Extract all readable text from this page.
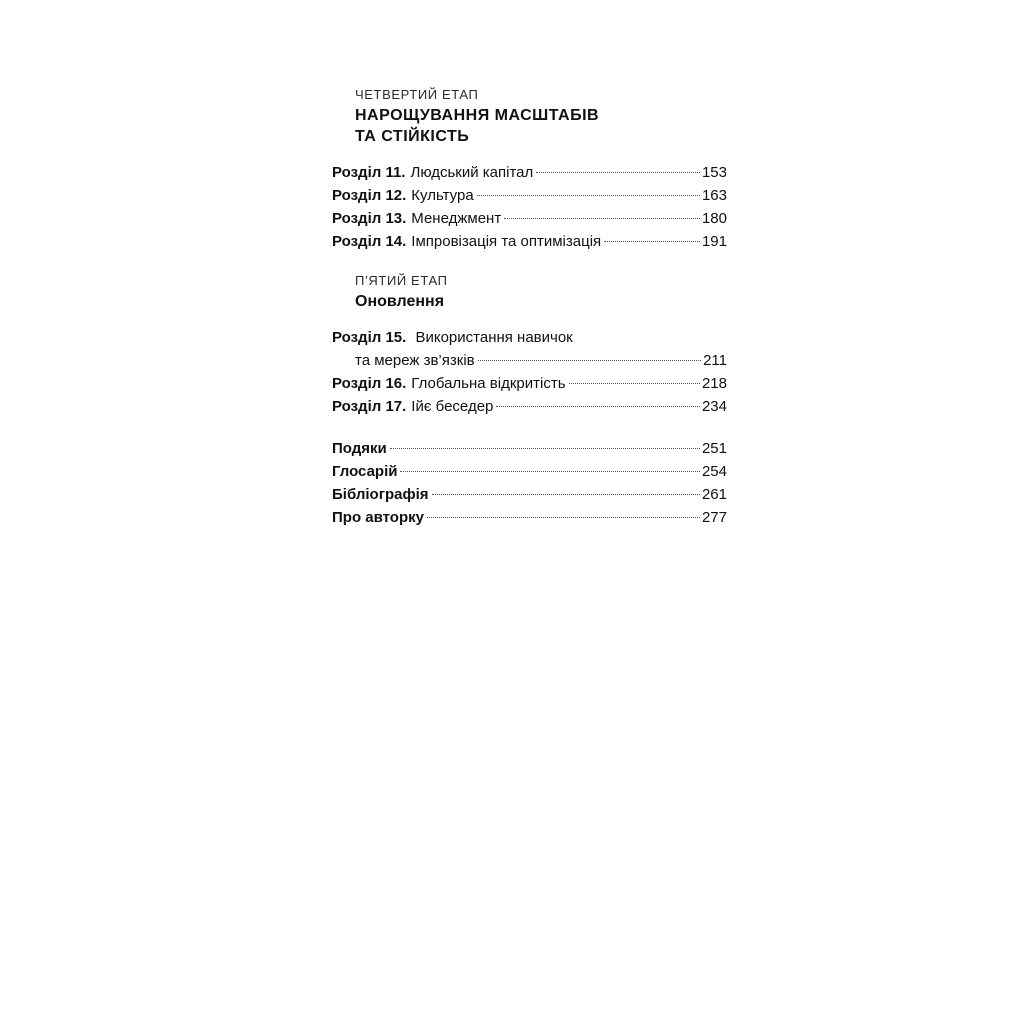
ЧЕТВЕРТИЙ ЕТАП
НАРОЩУВАННЯ МАСШТАБІВ
ТА СТІЙКІСТЬ
Розділ 11. Людський капітал	153
Розділ 12. Культура	163
Розділ 13. Менеджмент	180
Розділ 14. Імпровізація та оптимізація	191
П’ЯТИЙ ЕТАП
Оновлення
Розділ 15. Використання навичок
та мереж зв’язків	211
Розділ 16. Глобальна відкритість	218
Розділ 17. Ійє беседер	234
Подяки	251
Глосарій	254
Бібліографія	261
Про авторку	277
